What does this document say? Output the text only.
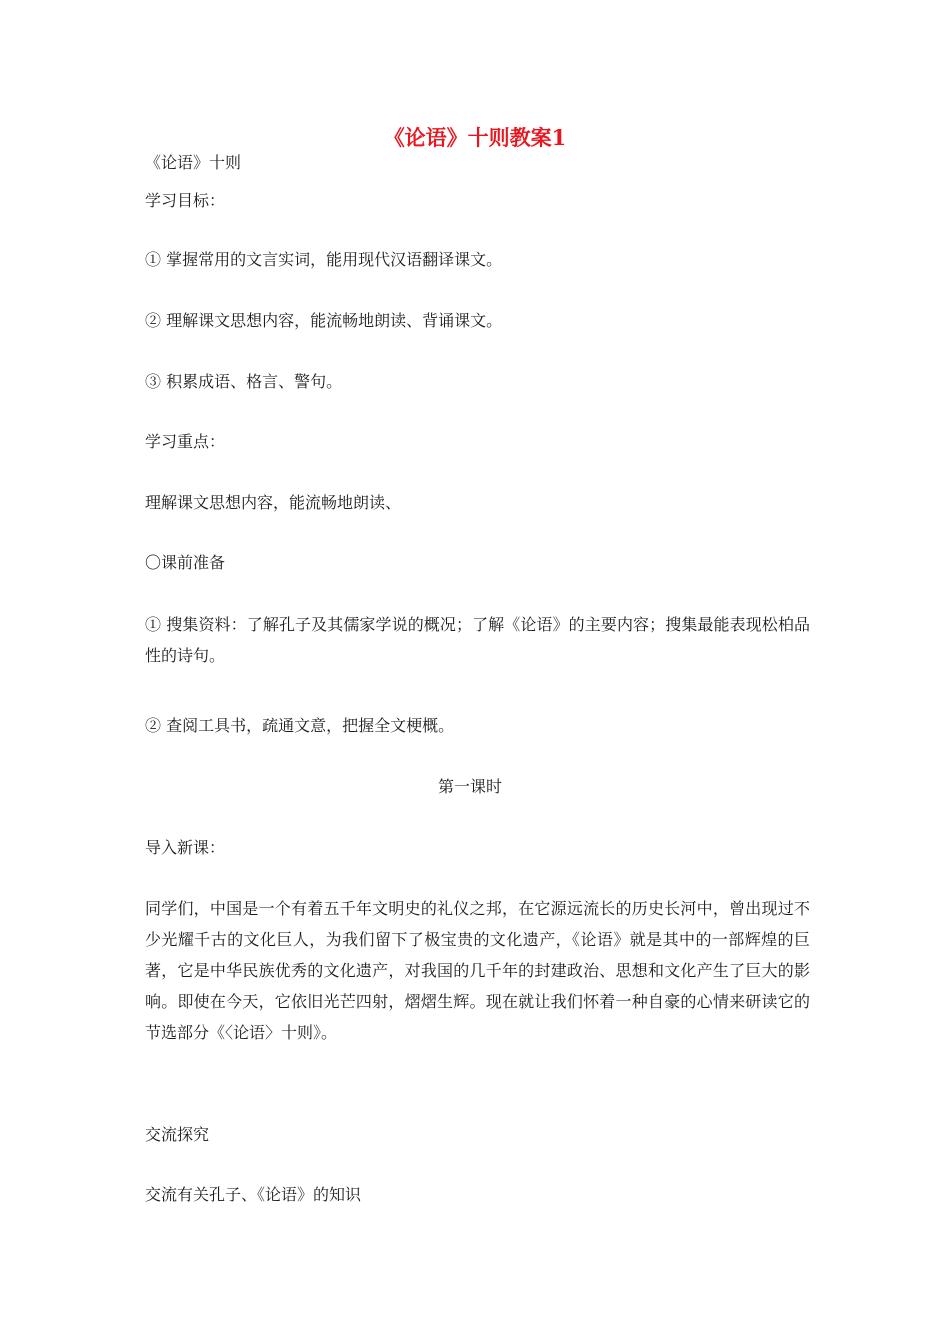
《论语》十则教案1
《论语》十则
学习目标：
① 掌握常用的文言实词，能用现代汉语翻译课文。
② 理解课文思想内容，能流畅地朗读、背诵课文。
③ 积累成语、格言、警句。
学习重点：
理解课文思想内容，能流畅地朗读、
〇课前准备
① 搜集资料：了解孔子及其儒家学说的概况；了解《论语》的主要内容；搜集最能表现松柏品性的诗句。
② 查阅工具书，疏通文意，把握全文梗概。
第一课时
导入新课：
同学们，中国是一个有着五千年文明史的礼仪之邦，在它源远流长的历史长河中，曾出现过不少光耀千古的文化巨人，为我们留下了极宝贵的文化遗产，《论语》就是其中的一部辉煌的巨著，它是中华民族优秀的文化遗产，对我国的几千年的封建政治、思想和文化产生了巨大的影响。即使在今天，它依旧光芒四射，熠熠生辉。现在就让我们怀着一种自豪的心情来研读它的节选部分《〈论语〉十则》。
交流探究
交流有关孔子、《论语》的知识
